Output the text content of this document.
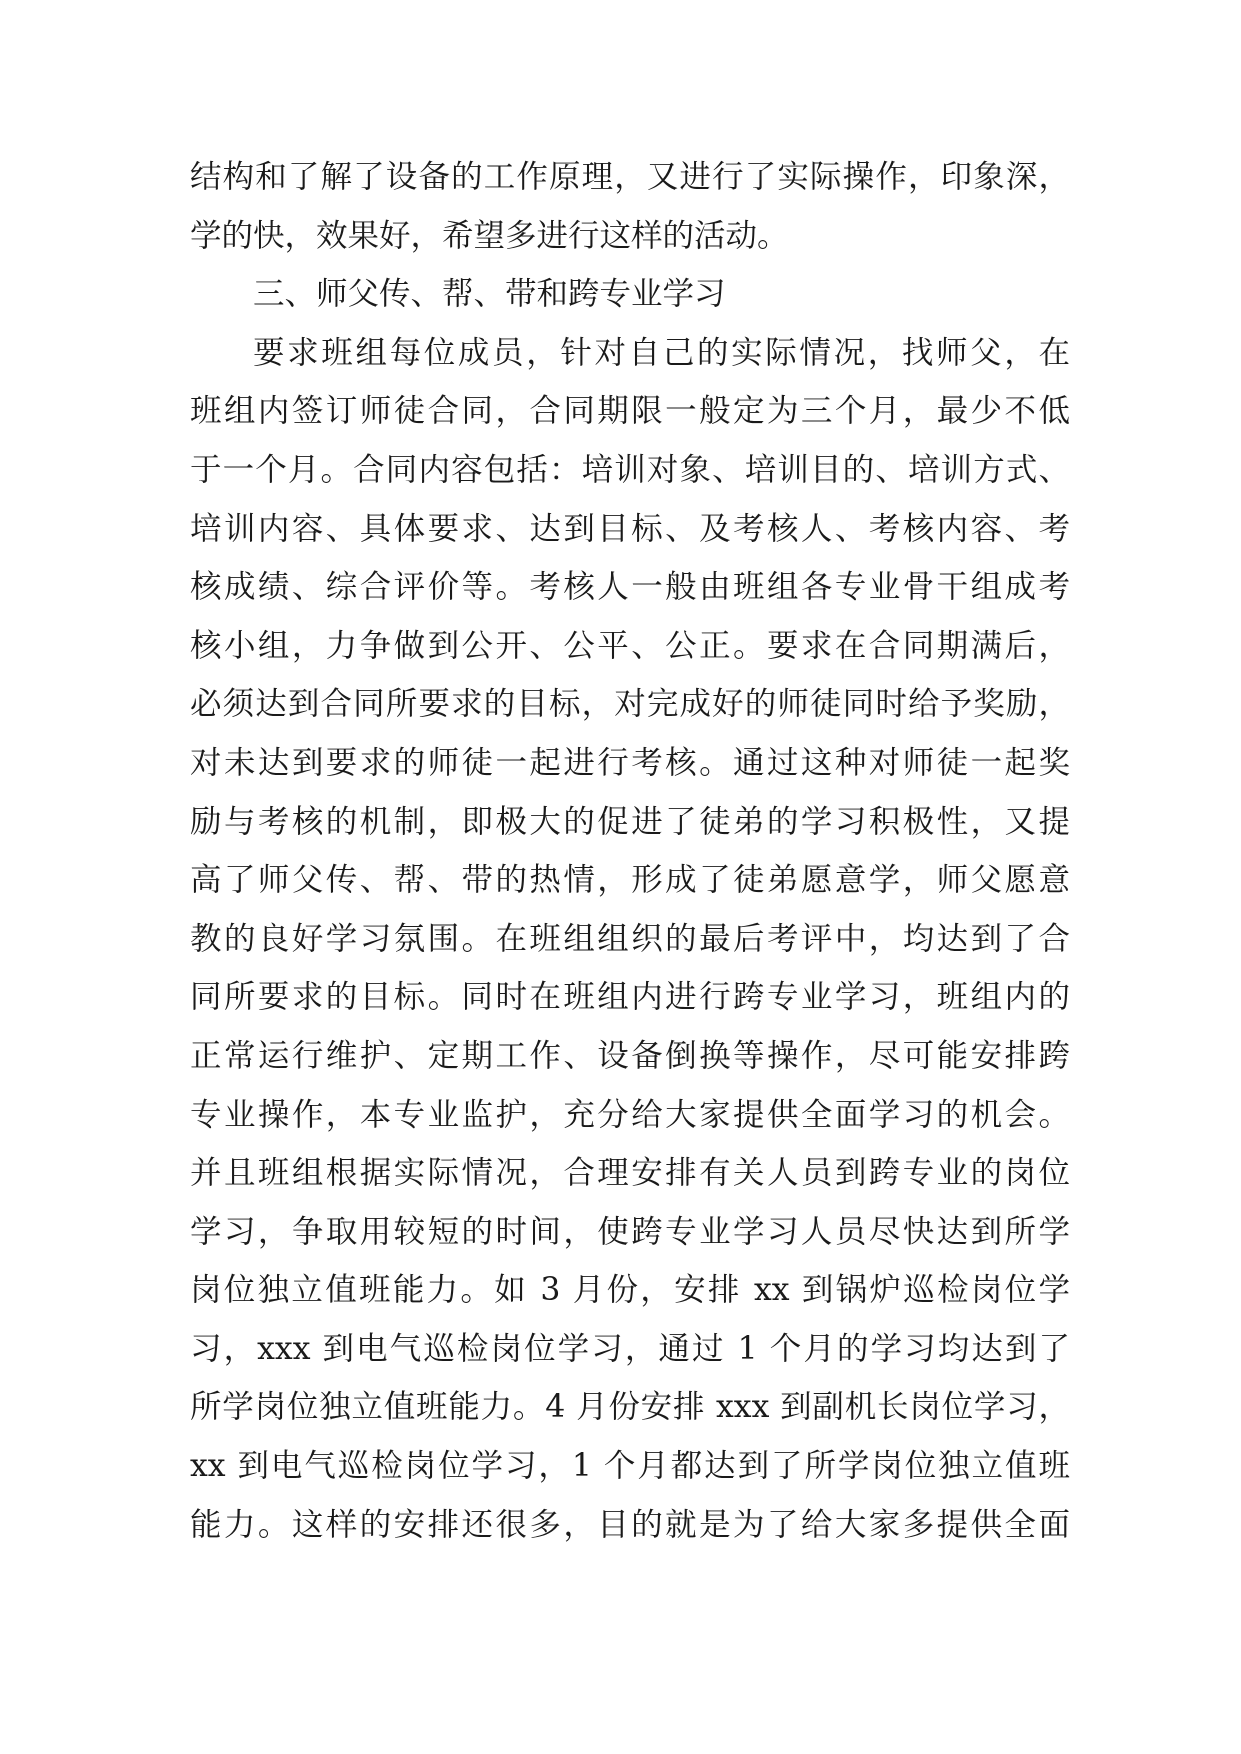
结构和了解了设备的工作原理，又进行了实际操作，印象深，
学的快，效果好，希望多进行这样的活动。
三、师父传、帮、带和跨专业学习
要求班组每位成员，针对自己的实际情况，找师父，在
班组内签订师徒合同，合同期限一般定为三个月，最少不低
于一个月。合同内容包括：培训对象、培训目的、培训方式、
培训内容、具体要求、达到目标、及考核人、考核内容、考
核成绩、综合评价等。考核人一般由班组各专业骨干组成考
核小组，力争做到公开、公平、公正。要求在合同期满后，
必须达到合同所要求的目标，对完成好的师徒同时给予奖励，
对未达到要求的师徒一起进行考核。通过这种对师徒一起奖
励与考核的机制，即极大的促进了徒弟的学习积极性，又提
高了师父传、帮、带的热情，形成了徒弟愿意学，师父愿意
教的良好学习氛围。在班组组织的最后考评中，均达到了合
同所要求的目标。同时在班组内进行跨专业学习，班组内的
正常运行维护、定期工作、设备倒换等操作，尽可能安排跨
专业操作，本专业监护，充分给大家提供全面学习的机会。
并且班组根据实际情况，合理安排有关人员到跨专业的岗位
学习，争取用较短的时间，使跨专业学习人员尽快达到所学
岗位独立值班能力。如 3 月份，安排 xx 到锅炉巡检岗位学
习，xxx 到电气巡检岗位学习，通过 1 个月的学习均达到了
所学岗位独立值班能力。4 月份安排 xxx 到副机长岗位学习，
xx 到电气巡检岗位学习，1 个月都达到了所学岗位独立值班
能力。这样的安排还很多，目的就是为了给大家多提供全面
